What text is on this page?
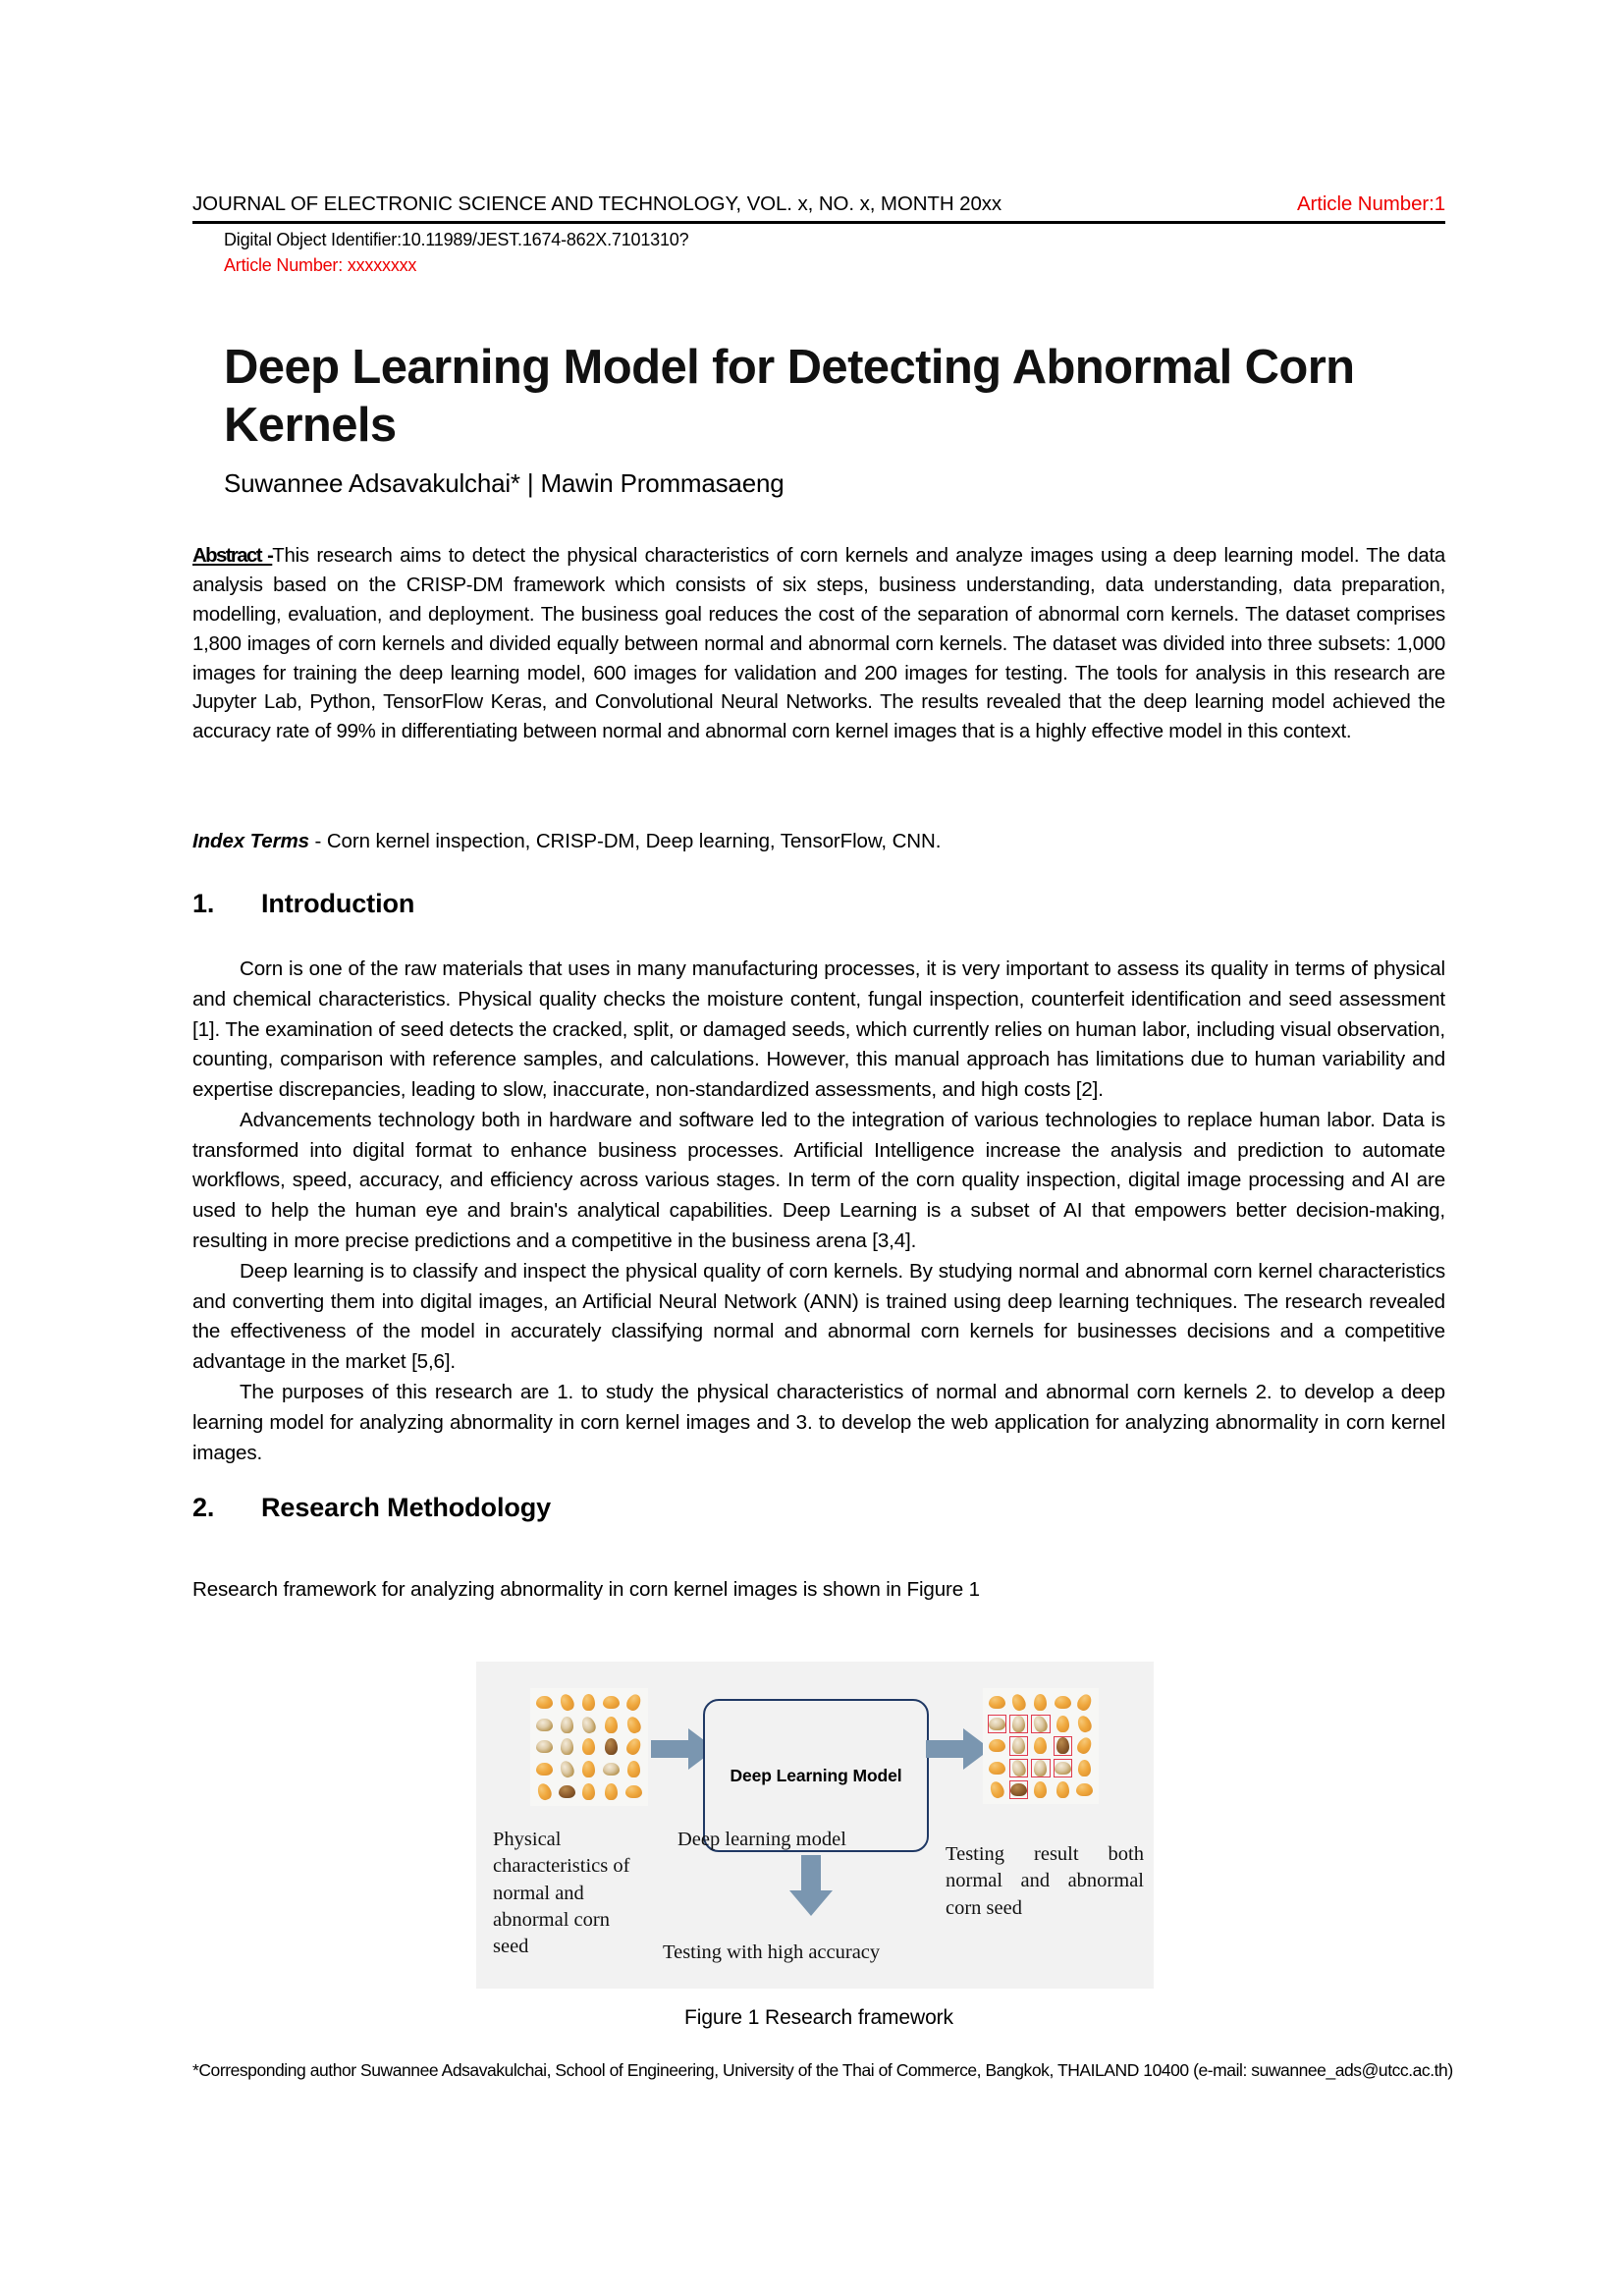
JOURNAL OF ELECTRONIC SCIENCE AND TECHNOLOGY, VOL. x, NO. x, MONTH 20xx	Article Number:1
Digital Object Identifier:10.11989/JEST.1674-862X.7101310?
Article Number: xxxxxxxx
Deep Learning Model for Detecting Abnormal Corn Kernels
Suwannee Adsavakulchai* | Mawin Prommasaeng
Abstract -This research aims to detect the physical characteristics of corn kernels and analyze images using a deep learning model. The data analysis based on the CRISP-DM framework which consists of six steps, business understanding, data understanding, data preparation, modelling, evaluation, and deployment. The business goal reduces the cost of the separation of abnormal corn kernels. The dataset comprises 1,800 images of corn kernels and divided equally between normal and abnormal corn kernels. The dataset was divided into three subsets: 1,000 images for training the deep learning model, 600 images for validation and 200 images for testing. The tools for analysis in this research are Jupyter Lab, Python, TensorFlow Keras, and Convolutional Neural Networks. The results revealed that the deep learning model achieved the accuracy rate of 99% in differentiating between normal and abnormal corn kernel images that is a highly effective model in this context.
Index Terms - Corn kernel inspection, CRISP-DM, Deep learning, TensorFlow, CNN.
1. Introduction

Corn is one of the raw materials that uses in many manufacturing processes, it is very important to assess its quality in terms of physical and chemical characteristics. Physical quality checks the moisture content, fungal inspection, counterfeit identification and seed assessment [1]. The examination of seed detects the cracked, split, or damaged seeds, which currently relies on human labor, including visual observation, counting, comparison with reference samples, and calculations. However, this manual approach has limitations due to human variability and expertise discrepancies, leading to slow, inaccurate, non-standardized assessments, and high costs [2].

Advancements technology both in hardware and software led to the integration of various technologies to replace human labor. Data is transformed into digital format to enhance business processes. Artificial Intelligence increase the analysis and prediction to automate workflows, speed, accuracy, and efficiency across various stages. In term of the corn quality inspection, digital image processing and AI are used to help the human eye and brain's analytical capabilities. Deep Learning is a subset of AI that empowers better decision-making, resulting in more precise predictions and a competitive in the business arena [3,4].

Deep learning is to classify and inspect the physical quality of corn kernels. By studying normal and abnormal corn kernel characteristics and converting them into digital images, an Artificial Neural Network (ANN) is trained using deep learning techniques. The research revealed the effectiveness of the model in accurately classifying normal and abnormal corn kernels for businesses decisions and a competitive advantage in the market [5,6].

The purposes of this research are 1. to study the physical characteristics of normal and abnormal corn kernels 2. to develop a deep learning model for analyzing abnormality in corn kernel images and 3. to develop the web application for analyzing abnormality in corn kernel images.

2. Research Methodology
Research framework for analyzing abnormality in corn kernel images is shown in Figure 1
Deep Learning Model
Physical characteristics of normal and abnormal corn seed
Deep learning model
Testing result both normal and abnormal corn seed
Testing with high accuracy
Figure 1 Research framework
*Corresponding author Suwannee Adsavakulchai, School of Engineering, University of the Thai of Commerce, Bangkok, THAILAND 10400 (e-mail: suwannee_ads@utcc.ac.th)
